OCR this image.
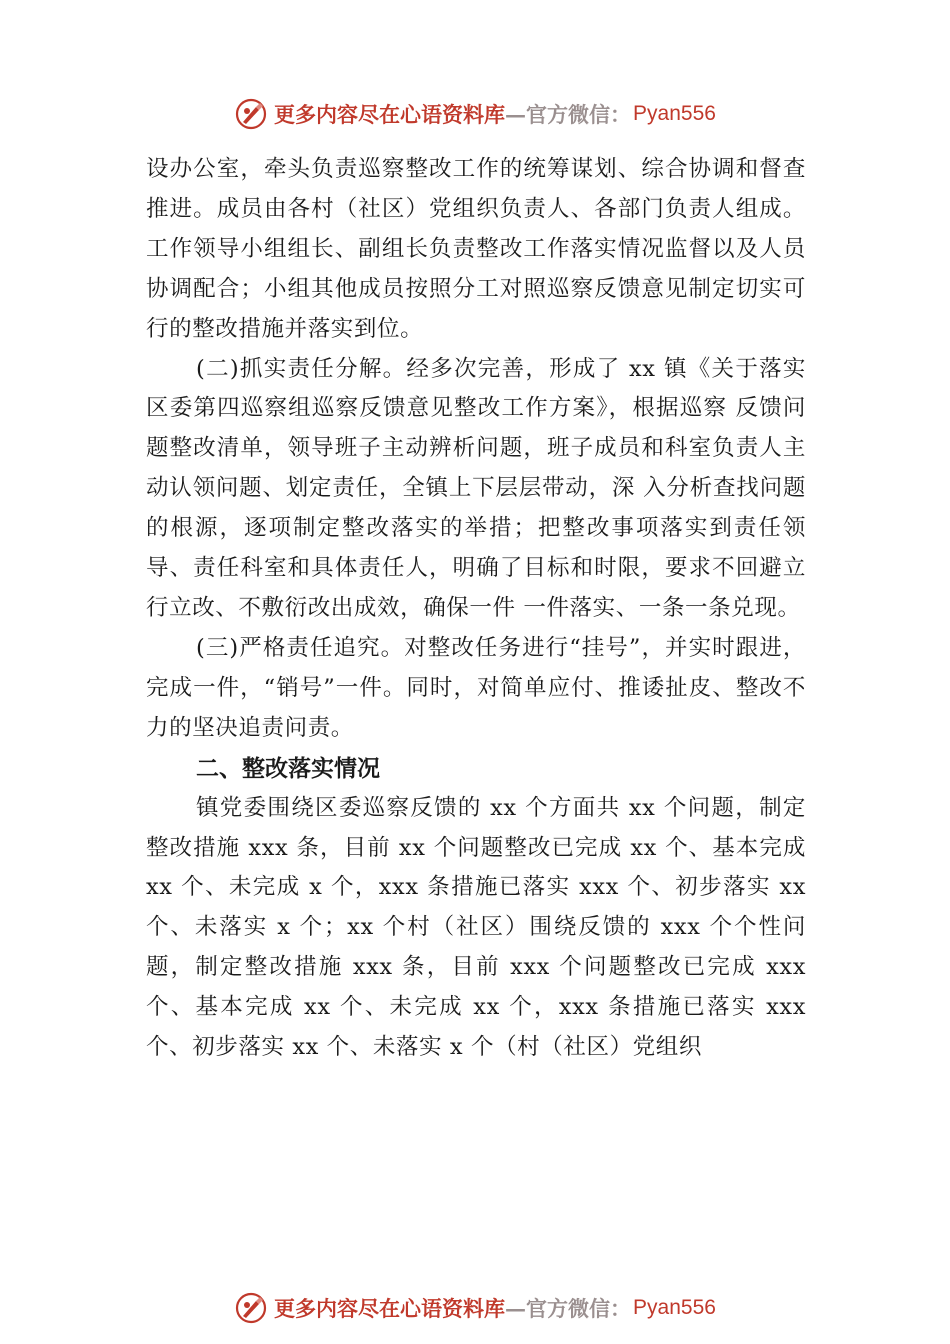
更多内容尽在心语资料库 —官方微信： Pyan556

设办公室，牵头负责巡察整改工作的统筹谋划、综合协调和督查推进。成员由各村（社区）党组织负责人、各部门负责人组成。工作领导小组组长、副组长负责整改工作落实情况监督以及人员协调配合；小组其他成员按照分工对照巡察反馈意见制定切实可行的整改措施并落实到位。

(二)抓实责任分解。经多次完善，形成了 xx 镇《关于落实区委第四巡察组巡察反馈意见整改工作方案》，根据巡察 反馈问题整改清单，领导班子主动辨析问题，班子成员和科室负责人主动认领问题、划定责任，全镇上下层层带动，深 入分析查找问题的根源，逐项制定整改落实的举措；把整改事项落实到责任领导、责任科室和具体责任人，明确了目标和时限，要求不回避立行立改、不敷衍改出成效，确保一件 一件落实、一条一条兑现。

(三)严格责任追究。对整改任务进行“挂号”，并实时跟进，完成一件，“销号”一件。同时，对简单应付、推诿扯皮、整改不力的坚决追责问责。

二、整改落实情况

镇党委围绕区委巡察反馈的 xx 个方面共 xx 个问题，制定整改措施 xxx 条，目前 xx 个问题整改已完成 xx 个、基本完成 xx 个、未完成 x 个，xxx 条措施已落实 xxx 个、初步落实 xx 个、未落实 x 个；xx 个村（社区）围绕反馈的 xxx 个个性问题，制定整改措施 xxx 条，目前 xxx 个问题整改已完成 xxx 个、基本完成 xx 个、未完成 xx 个，xxx 条措施已落实 xxx 个、初步落实 xx 个、未落实 x 个（村（社区）党组织

更多内容尽在心语资料库 —官方微信： Pyan556
